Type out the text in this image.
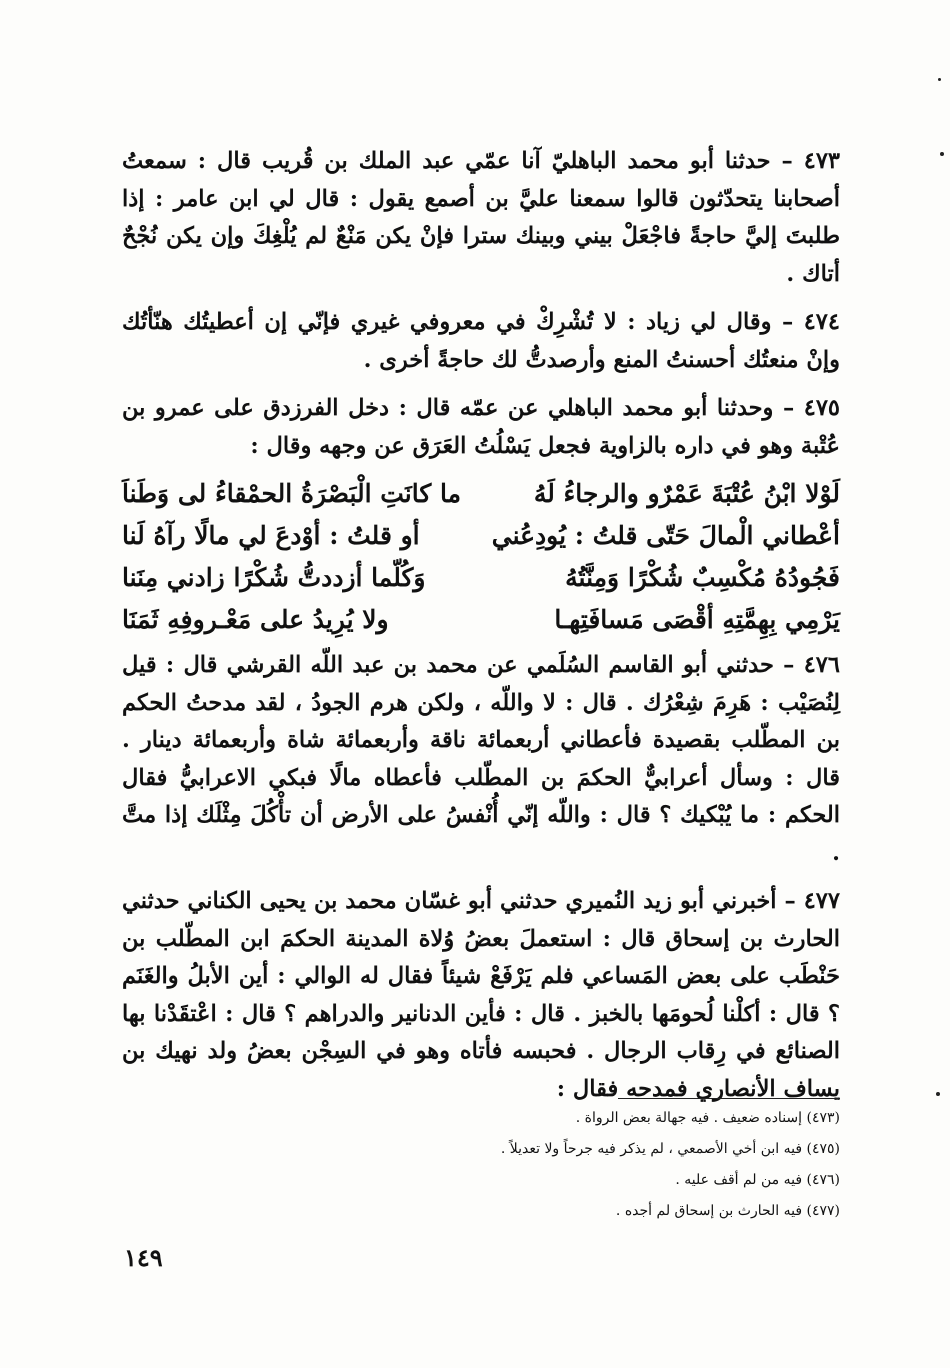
٤٧٣ – حدثنا أبو محمد الباهليّ آنا عمّي عبد الملك بن قُريب قال : سمعتُ أصحابنا يتحدّثون قالوا سمعنا عليَّ بن أصمع يقول : قال لي ابن عامر : إذا طلبتَ إليَّ حاجةً فاجْعَلْ بيني وبينك سترا فإنْ يكن مَنْعٌ لم يُلْغِكَ وإن يكن نُجْحٌ أتاك .

٤٧٤ – وقال لي زياد : لا تُشْرِكْ في معروفي غيري فإنّي إن أعطيتُك هنّأتُك وإنْ منعتُك أحسنتُ المنع وأرصدتُّ لك حاجةً أخرى .

٤٧٥ – وحدثنا أبو محمد الباهلي عن عمّه قال : دخل الفرزدق على عمرو بن عُتْبة وهو في داره بالزاوية فجعل يَسْلُتُ العَرَق عن وجهه وقال :

لَوْلا ابْنُ عُتْبَةَ عَمْرٌو والرجاءُ لَهُ
ما كانَتِ الْبَصْرَةُ الحمْقاءُ لى وَطَناَ
أعْطاني الْمالَ حَتّى قلتُ : يُودِعُني
أو قلتُ : أوْدعَ لي مالًا رآهُ لَنا
فَجُودُهُ مُكْسِبٌ شُكْرًا وَمِنَّتُهُ
وَكُلّما أزددتُّ شُكْرًا زادني مِنَنا
يَرْمِي بِهِمَّتِهِ أقْصَى مَسافَتِهـا
ولا يُرِيدُ على مَعْـروفِهِ ثَمَنَا

٤٧٦ – حدثني أبو القاسم السُلَمي عن محمد بن عبد اللّه القرشي قال : قيل لِنُصَيْب : هَرِمَ شِعْرُك . قال : لا واللّه ، ولكن هرم الجودُ ، لقد مدحتُ الحكم بن المطّلب بقصيدة فأعطاني أربعمائة ناقة وأربعمائة شاة وأربعمائة دينار . قال : وسأل أعرابيٌّ الحكمَ بن المطّلب فأعطاه مالًا فبكي الاعرابيُّ فقال الحكم : ما يُبْكيك ؟ قال : واللّه إنّي أُنْفسُ على الأرض أن تأْكُلَ مِثْلَك إذا متَّ .

٤٧٧ – أخبرني أبو زيد النُميري حدثني أبو غسّان محمد بن يحيى الكناني حدثني الحارث بن إسحاق قال : استعملَ بعضُ وُلاة المدينة الحكمَ ابن المطّلب بن حَنْطَب على بعض المَساعي فلم يَرْفَعْ شيئاً فقال له الوالي : أين الأبلُ والغَنَم ؟ قال : أكلْنا لُحومَها بالخبز . قال : فأين الدنانير والدراهم ؟ قال : اعْتقَدْنا بها الصنائع في رِقاب الرجال . فحبسه فأتاه وهو في السِجْن بعضُ ولد نهيك بن يساف الأنصاري فمدحه فقال :

(٤٧٣) إسناده ضعيف . فيه جهالة بعض الرواة .
(٤٧٥) فيه ابن أخي الأصمعي ، لم يذكر فيه جرحاً ولا تعديلاً .
(٤٧٦) فيه من لم أقف عليه .
(٤٧٧) فيه الحارث بن إسحاق لم أجده .
١٤٩
